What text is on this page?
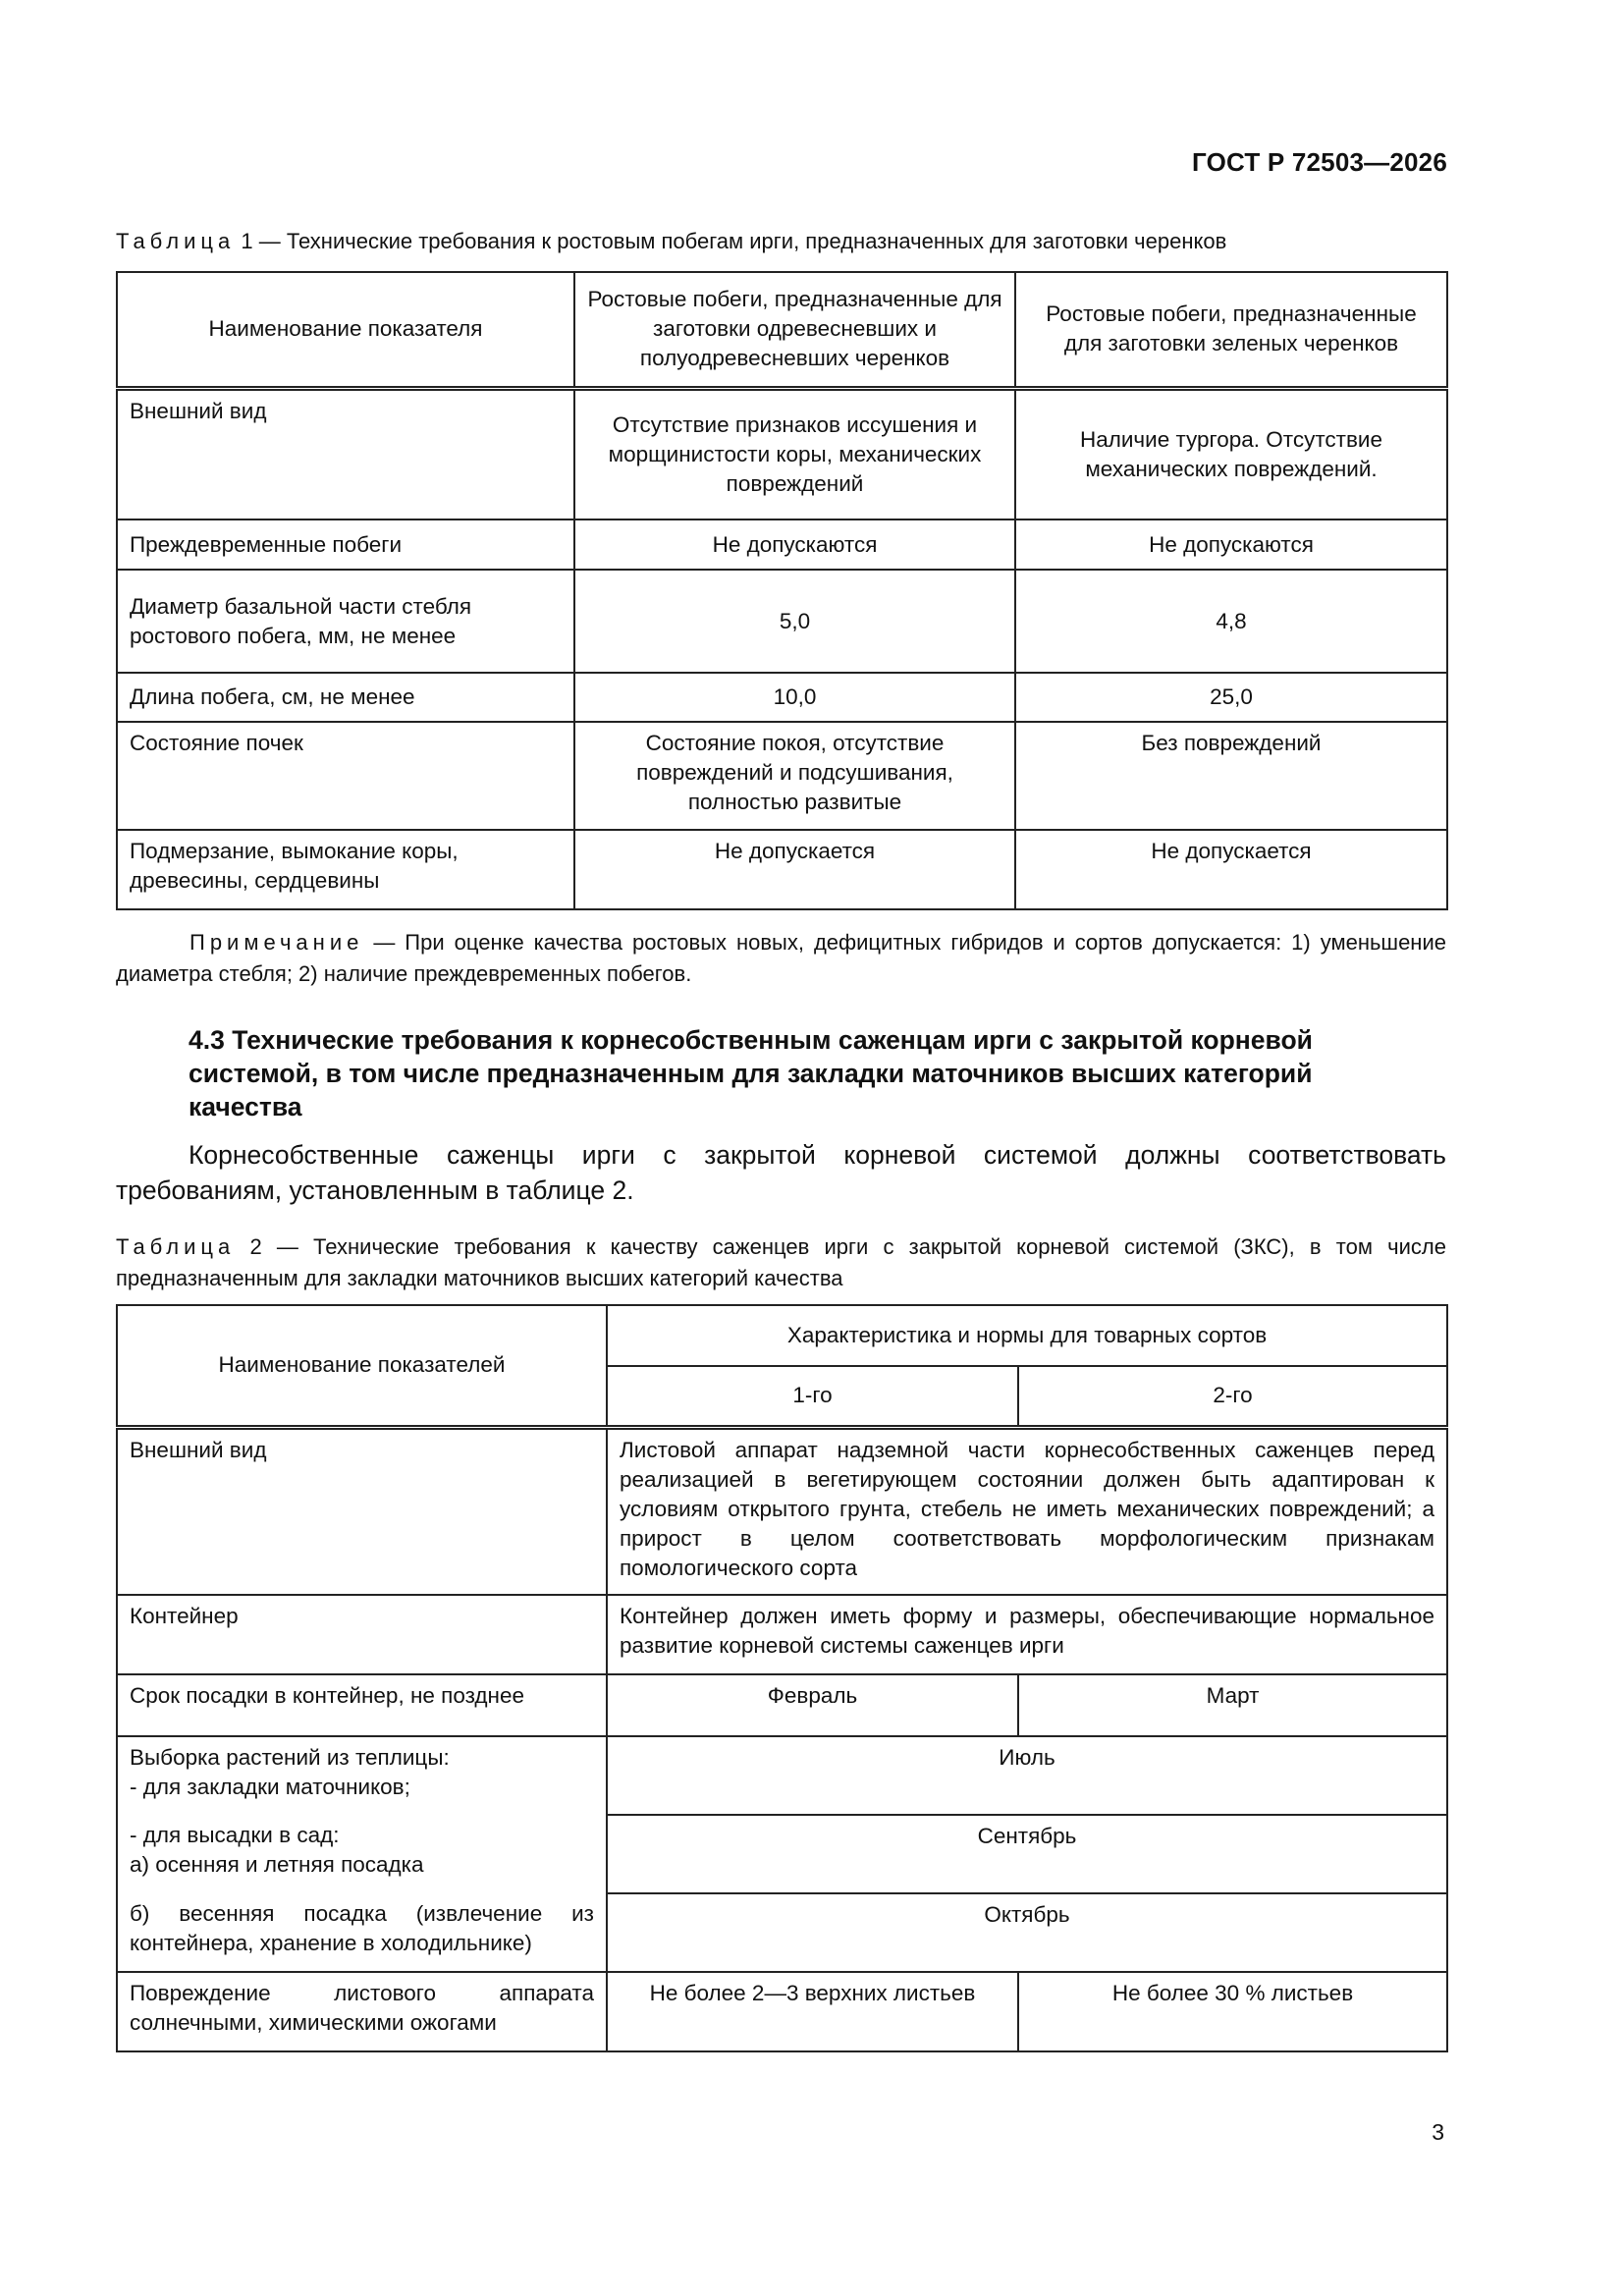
ГОСТ Р 72503—2026
Таблица 1 — Технические требования к ростовым побегам ирги, предназначенных для заготовки черенков
Наименование показателя	Ростовые побеги, предназначенные для заготовки одревесневших и полуодревесневших черенков	Ростовые побеги, предназначенные для заготовки зеленых черенков
Внешний вид	Отсутствие признаков иссушения и морщинистости коры, механических повреждений	Наличие тургора. Отсутствие механических повреждений.
Преждевременные побеги	Не допускаются	Не допускаются
Диаметр базальной части стебля ростового побега, мм, не менее	5,0	4,8
Длина побега, см, не менее	10,0	25,0
Состояние почек	Состояние покоя, отсутствие повреждений и подсушивания, полностью развитые	Без повреждений
Подмерзание, вымокание коры, древесины, сердцевины	Не допускается	Не допускается
Примечание — При оценке качества ростовых новых, дефицитных гибридов и сортов допускается: 1) уменьшение диаметра стебля; 2) наличие преждевременных побегов.
4.3 Технические требования к корнесобственным саженцам ирги с закрытой корневой системой, в том числе предназначенным для закладки маточников высших категорий качества
Корнесобственные саженцы ирги с закрытой корневой системой должны соответствовать требованиям, установленным в таблице 2.
Таблица 2 — Технические требования к качеству саженцев ирги с закрытой корневой системой (ЗКС), в том числе предназначенным для закладки маточников высших категорий качества
Наименование показателей	Характеристика и нормы для товарных сортов	
	1-го	2-го
Внешний вид	Листовой аппарат надземной части корнесобственных саженцев перед реализацией в вегетирующем состоянии должен быть адаптирован к условиям открытого грунта, стебель не иметь механических повреждений; а прирост в целом соответствовать морфологическим признакам помологического сорта	
Контейнер	Контейнер должен иметь форму и размеры, обеспечивающие нормальное развитие корневой системы саженцев ирги	
Срок посадки в контейнер, не позднее	Февраль	Март

Выборка растений из теплицы:
- для закладки маточников;	Июль	

- для высадки в сад:
а) осенняя и летняя посадка	Сентябрь	
б) весенняя посадка (извлечение из контейнера, хранение в холодильнике)	Октябрь	
Повреждение листового аппарата солнечными, химическими ожогами	Не более 2—3 верхних листьев	Не более 30 % листьев
3
